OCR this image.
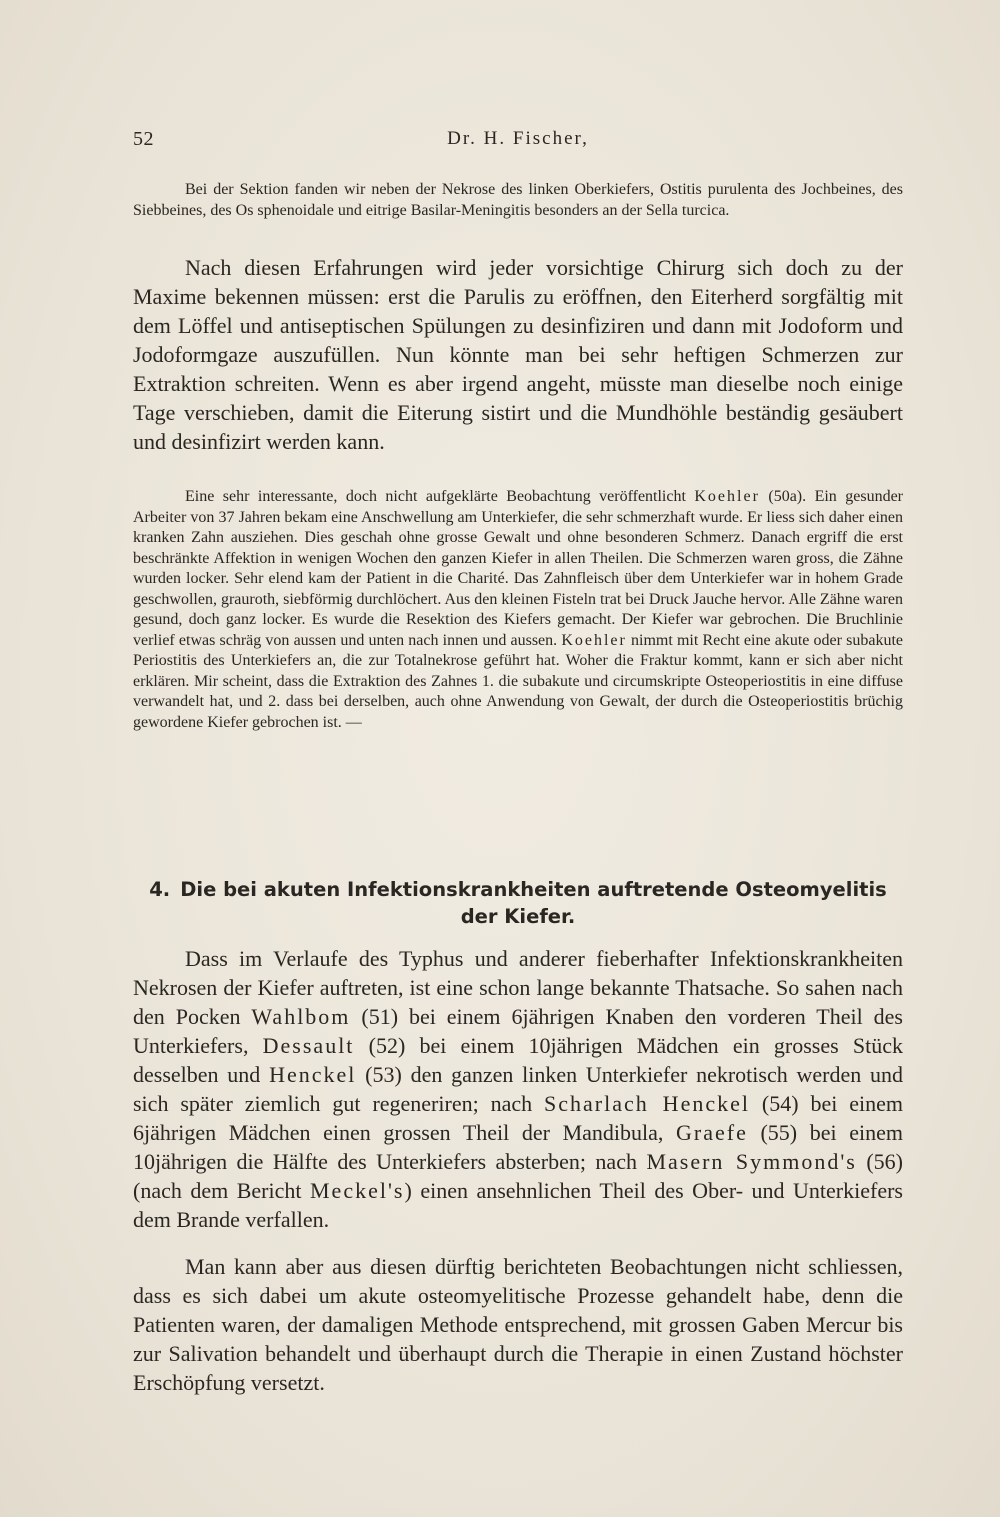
52	Dr. H. Fischer,

Bei der Sektion fanden wir neben der Nekrose des linken Oberkiefers, Ostitis purulenta des Jochbeines, des Siebbeines, des Os sphenoidale und eitrige Basilar-Meningitis besonders an der Sella turcica.

Nach diesen Erfahrungen wird jeder vorsichtige Chirurg sich doch zu der Maxime bekennen müssen: erst die Parulis zu eröffnen, den Eiterherd sorgfältig mit dem Löffel und antiseptischen Spülungen zu desinfiziren und dann mit Jodoform und Jodoformgaze auszufüllen. Nun könnte man bei sehr heftigen Schmerzen zur Extraktion schreiten. Wenn es aber irgend angeht, müsste man dieselbe noch einige Tage verschieben, damit die Eiterung sistirt und die Mundhöhle beständig gesäubert und desinfizirt werden kann.

Eine sehr interessante, doch nicht aufgeklärte Beobachtung veröffentlicht Koehler (50a). Ein gesunder Arbeiter von 37 Jahren bekam eine Anschwellung am Unterkiefer, die sehr schmerzhaft wurde. Er liess sich daher einen kranken Zahn ausziehen. Dies geschah ohne grosse Gewalt und ohne besonderen Schmerz. Danach ergriff die erst beschränkte Affektion in wenigen Wochen den ganzen Kiefer in allen Theilen. Die Schmerzen waren gross, die Zähne wurden locker. Sehr elend kam der Patient in die Charité. Das Zahnfleisch über dem Unterkiefer war in hohem Grade geschwollen, grauroth, siebförmig durchlöchert. Aus den kleinen Fisteln trat bei Druck Jauche hervor. Alle Zähne waren gesund, doch ganz locker. Es wurde die Resektion des Kiefers gemacht. Der Kiefer war gebrochen. Die Bruchlinie verlief etwas schräg von aussen und unten nach innen und aussen. Koehler nimmt mit Recht eine akute oder subakute Periostitis des Unterkiefers an, die zur Totalnekrose geführt hat. Woher die Fraktur kommt, kann er sich aber nicht erklären. Mir scheint, dass die Extraktion des Zahnes 1. die subakute und circumskripte Osteoperiostitis in eine diffuse verwandelt hat, und 2. dass bei derselben, auch ohne Anwendung von Gewalt, der durch die Osteoperiostitis brüchig gewordene Kiefer gebrochen ist. —

4. Die bei akuten Infektionskrankheiten auftretende Osteomyelitis der Kiefer.

Dass im Verlaufe des Typhus und anderer fieberhafter Infektionskrankheiten Nekrosen der Kiefer auftreten, ist eine schon lange bekannte Thatsache. So sahen nach den Pocken Wahlbom (51) bei einem 6jährigen Knaben den vorderen Theil des Unterkiefers, Dessault (52) bei einem 10jährigen Mädchen ein grosses Stück desselben und Henckel (53) den ganzen linken Unterkiefer nekrotisch werden und sich später ziemlich gut regeneriren; nach Scharlach Henckel (54) bei einem 6jährigen Mädchen einen grossen Theil der Mandibula, Graefe (55) bei einem 10jährigen die Hälfte des Unterkiefers absterben; nach Masern Symmond's (56) (nach dem Bericht Meckel's) einen ansehnlichen Theil des Ober- und Unterkiefers dem Brande verfallen.

Man kann aber aus diesen dürftig berichteten Beobachtungen nicht schliessen, dass es sich dabei um akute osteomyelitische Prozesse gehandelt habe, denn die Patienten waren, der damaligen Methode entsprechend, mit grossen Gaben Mercur bis zur Salivation behandelt und überhaupt durch die Therapie in einen Zustand höchster Erschöpfung versetzt.
